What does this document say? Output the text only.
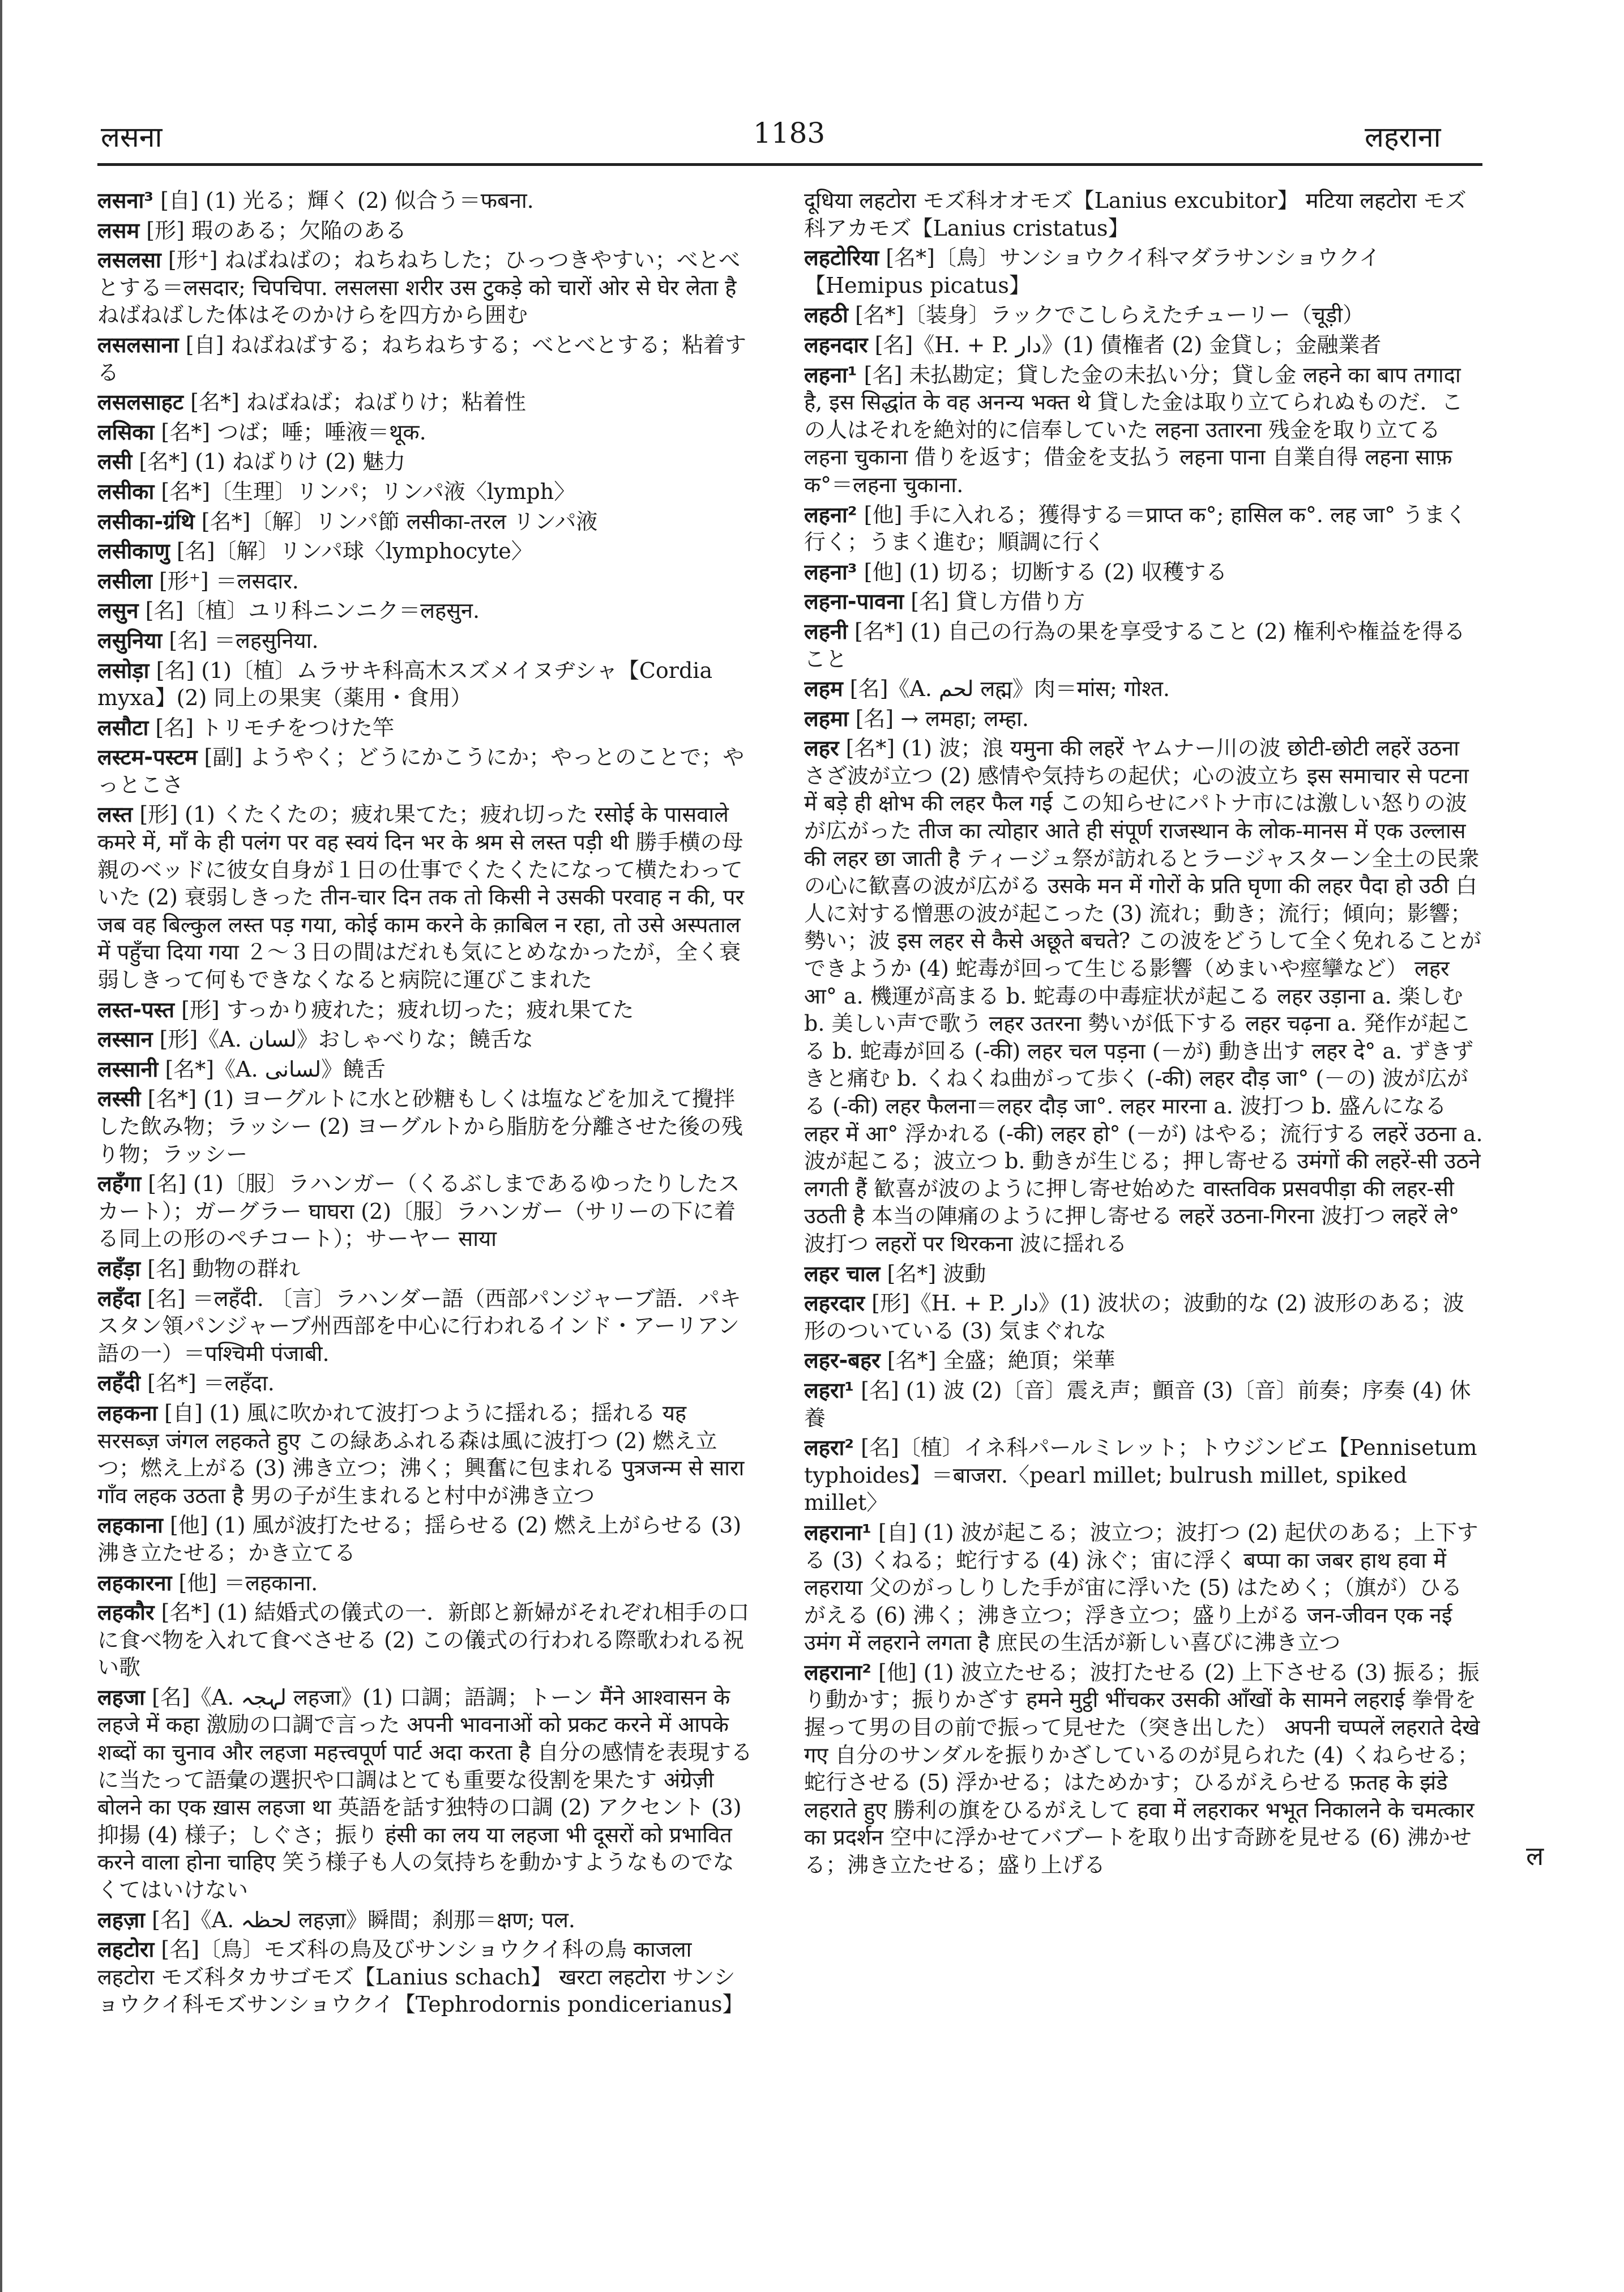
लसना	1183	लहराना
लसना³ [自] (1) 光る；輝く (2) 似合う＝फबना.
लसम [形] 瑕のある；欠陥のある
लसलसा [形⁺] ねばねばの；ねちねちした；ひっつきやすい；べとべとする＝लसदार; चिपचिपा. लसलसा शरीर उस टुकड़े को चारों ओर से घेर लेता है ねばねばした体はそのかけらを四方から囲む
लसलसाना [自] ねばねばする；ねちねちする；べとべとする；粘着する
लसलसाहट [名*] ねばねば；ねばりけ；粘着性
लसिका [名*] つば；唾；唾液＝थूक.
लसी [名*] (1) ねばりけ (2) 魅力
लसीका [名*]〔生理〕リンパ；リンパ液〈lymph〉
लसीका-ग्रंथि [名*]〔解〕リンパ節 लसीका-तरल リンパ液
लसीकाणु [名]〔解〕リンパ球〈lymphocyte〉
लसीला [形⁺] ＝लसदार.
लसुन [名]〔植〕ユリ科ニンニク＝लहसुन.
लसुनिया [名] ＝लहसुनिया.
लसोड़ा [名] (1)〔植〕ムラサキ科高木スズメイヌヂシャ【Cordia myxa】(2) 同上の果実（薬用・食用）
लसौटा [名] トリモチをつけた竿
लस्टम-पस्टम [副] ようやく；どうにかこうにか；やっとのことで；やっとこさ
लस्त [形] (1) くたくたの；疲れ果てた；疲れ切った रसोई के पासवाले कमरे में, माँ के ही पलंग पर वह स्वयं दिन भर के श्रम से लस्त पड़ी थी 勝手横の母親のベッドに彼女自身が１日の仕事でくたくたになって横たわっていた (2) 衰弱しきった तीन-चार दिन तक तो किसी ने उसकी परवाह न की, पर जब वह बिल्कुल लस्त पड़ गया, कोई काम करने के क़ाबिल न रहा, तो उसे अस्पताल में पहुँचा दिया गया ２～３日の間はだれも気にとめなかったが，全く衰弱しきって何もできなくなると病院に運びこまれた
लस्त-पस्त [形] すっかり疲れた；疲れ切った；疲れ果てた
लस्सान [形]《A. لسان》おしゃべりな；饒舌な
लस्सानी [名*]《A. لسانی》饒舌
लस्सी [名*] (1) ヨーグルトに水と砂糖もしくは塩などを加えて攪拌した飲み物；ラッシー (2) ヨーグルトから脂肪を分離させた後の残り物；ラッシー
लहँगा [名] (1)〔服〕ラハンガー（くるぶしまであるゆったりしたスカート）；ガーグラー घाघरा (2)〔服〕ラハンガー（サリーの下に着る同上の形のペチコート）；サーヤー साया
लहँड़ा [名] 動物の群れ
लहँदा [名] ＝लहँदी. 〔言〕ラハンダー語（西部パンジャーブ語．パキスタン領パンジャーブ州西部を中心に行われるインド・アーリアン語の一）＝पश्चिमी पंजाबी.
लहँदी [名*] ＝लहँदा.
लहकना [自] (1) 風に吹かれて波打つように揺れる；揺れる यह सरसब्ज़ जंगल लहकते हुए この緑あふれる森は風に波打つ (2) 燃え立つ；燃え上がる (3) 沸き立つ；沸く；興奮に包まれる पुत्रजन्म से सारा गाँव लहक उठता है 男の子が生まれると村中が沸き立つ
लहकाना [他] (1) 風が波打たせる；揺らせる (2) 燃え上がらせる (3) 沸き立たせる；かき立てる
लहकारना [他] ＝लहकाना.
लहकौर [名*] (1) 結婚式の儀式の一．新郎と新婦がそれぞれ相手の口に食べ物を入れて食べさせる (2) この儀式の行われる際歌われる祝い歌
लहजा [名]《A. لہجہ लहजा》(1) 口調；語調；トーン मैंने आश्वासन के लहजे में कहा 激励の口調で言った अपनी भावनाओं को प्रकट करने में आपके शब्दों का चुनाव और लहजा महत्त्वपूर्ण पार्ट अदा करता है 自分の感情を表現するに当たって語彙の選択や口調はとても重要な役割を果たす अंग्रेज़ी बोलने का एक ख़ास लहजा था 英語を話す独特の口調 (2) アクセント (3) 抑揚 (4) 様子；しぐさ；振り हंसी का लय या लहजा भी दूसरों को प्रभावित करने वाला होना चाहिए 笑う様子も人の気持ちを動かすようなものでなくてはいけない
लहज़ा [名]《A. لحظہ लहज़ा》瞬間；刹那＝क्षण; पल.
लहटोरा [名]〔鳥〕モズ科の鳥及びサンショウクイ科の鳥 काजला लहटोरा モズ科タカサゴモズ【Lanius schach】 खरटा लहटोरा サンショウクイ科モズサンショウクイ【Tephrodornis pondicerianus】
दूधिया लहटोरा モズ科オオモズ【Lanius excubitor】 मटिया लहटोरा モズ科アカモズ【Lanius cristatus】
लहटोरिया [名*]〔鳥〕サンショウクイ科マダラサンショウクイ【Hemipus picatus】
लहठी [名*]〔装身〕ラックでこしらえたチューリー（चूड़ी）
लहनदार [名]《H. + P. دار》(1) 債権者 (2) 金貸し；金融業者
लहना¹ [名] 未払勘定；貸した金の未払い分；貸し金 लहने का बाप तगादा है, इस सिद्धांत के वह अनन्य भक्त थे 貸した金は取り立てられぬものだ．この人はそれを絶対的に信奉していた लहना उतारना 残金を取り立てる लहना चुकाना 借りを返す；借金を支払う लहना पाना 自業自得 लहना साफ़ क°＝लहना चुकाना.
लहना² [他] 手に入れる；獲得する＝प्राप्त क°; हासिल क°. लह जा° うまく行く；うまく進む；順調に行く
लहना³ [他] (1) 切る；切断する (2) 収穫する
लहना-पावना [名] 貸し方借り方
लहनी [名*] (1) 自己の行為の果を享受すること (2) 権利や権益を得ること
लहम [名]《A. لحم लह्म》肉＝मांस; गोश्त.
लहमा [名] → लमहा; लम्हा.
लहर [名*] (1) 波；浪 यमुना की लहरें ヤムナー川の波 छोटी-छोटी लहरें उठना さざ波が立つ (2) 感情や気持ちの起伏；心の波立ち इस समाचार से पटना में बड़े ही क्षोभ की लहर फैल गई この知らせにパトナ市には激しい怒りの波が広がった तीज का त्योहार आते ही संपूर्ण राजस्थान के लोक-मानस में एक उल्लास की लहर छा जाती है ティージュ祭が訪れるとラージャスターン全土の民衆の心に歓喜の波が広がる उसके मन में गोरों के प्रति घृणा की लहर पैदा हो उठी 白人に対する憎悪の波が起こった (3) 流れ；動き；流行；傾向；影響；勢い；波 इस लहर से कैसे अछूते बचते? この波をどうして全く免れることができようか (4) 蛇毒が回って生じる影響（めまいや痙攣など） लहर आ° a. 機運が高まる b. 蛇毒の中毒症状が起こる लहर उड़ाना a. 楽しむ b. 美しい声で歌う लहर उतरना 勢いが低下する लहर चढ़ना a. 発作が起こる b. 蛇毒が回る (-की) लहर चल पड़ना (－が) 動き出す लहर दे° a. ずきずきと痛む b. くねくね曲がって歩く (-की) लहर दौड़ जा° (－の) 波が広がる (-की) लहर फैलना＝लहर दौड़ जा°. लहर मारना a. 波打つ b. 盛んになる लहर में आ° 浮かれる (-की) लहर हो° (－が) はやる；流行する लहरें उठना a. 波が起こる；波立つ b. 動きが生じる；押し寄せる उमंगों की लहरें-सी उठने लगती हैं 歓喜が波のように押し寄せ始めた वास्तविक प्रसवपीड़ा की लहर-सी उठती है 本当の陣痛のように押し寄せる लहरें उठना-गिरना 波打つ लहरें ले° 波打つ लहरों पर थिरकना 波に揺れる
लहर चाल [名*] 波動
लहरदार [形]《H. + P. دار》(1) 波状の；波動的な (2) 波形のある；波形のついている (3) 気まぐれな
लहर-बहर [名*] 全盛；絶頂；栄華
लहरा¹ [名] (1) 波 (2)〔音〕震え声；顫音 (3)〔音〕前奏；序奏 (4) 休養
लहरा² [名]〔植〕イネ科パールミレット；トウジンビエ【Pennisetum typhoides】＝बाजरा.〈pearl millet; bulrush millet, spiked millet〉
लहराना¹ [自] (1) 波が起こる；波立つ；波打つ (2) 起伏のある；上下する (3) くねる；蛇行する (4) 泳ぐ；宙に浮く बप्पा का जबर हाथ हवा में लहराया 父のがっしりした手が宙に浮いた (5) はためく；（旗が）ひるがえる (6) 沸く；沸き立つ；浮き立つ；盛り上がる जन-जीवन एक नई उमंग में लहराने लगता है 庶民の生活が新しい喜びに沸き立つ
लहराना² [他] (1) 波立たせる；波打たせる (2) 上下させる (3) 振る；振り動かす；振りかざす हमने मुट्ठी भींचकर उसकी आँखों के सामने लहराई 拳骨を握って男の目の前で振って見せた（突き出した） अपनी चप्पलें लहराते देखे गए 自分のサンダルを振りかざしているのが見られた (4) くねらせる；蛇行させる (5) 浮かせる；はためかす；ひるがえらせる फ़तह के झंडे लहराते हुए 勝利の旗をひるがえして हवा में लहराकर भभूत निकालने के चमत्कार का प्रदर्शन 空中に浮かせてバブートを取り出す奇跡を見せる (6) 沸かせる；沸き立たせる；盛り上げる	ल
